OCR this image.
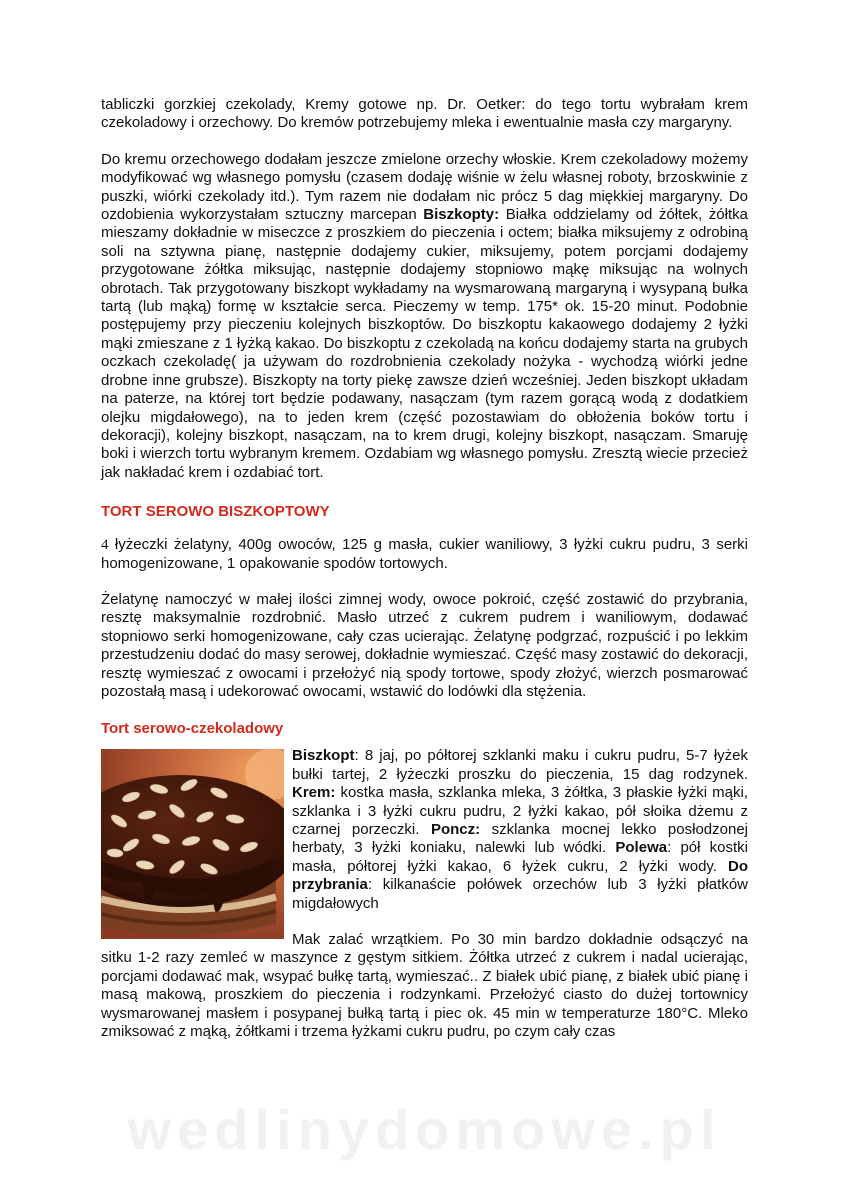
tabliczki gorzkiej czekolady, Kremy gotowe np. Dr. Oetker: do tego tortu wybrałam krem czekoladowy i orzechowy. Do kremów potrzebujemy mleka i ewentualnie masła czy margaryny.

Do kremu orzechowego dodałam jeszcze zmielone orzechy włoskie. Krem czekoladowy możemy modyfikować wg własnego pomysłu (czasem dodaję wiśnie w żelu własnej roboty, brzoskwinie z puszki, wiórki czekolady itd.). Tym razem nie dodałam nic prócz 5 dag miękkiej margaryny. Do ozdobienia wykorzystałam sztuczny marcepan Biszkopty: Białka oddzielamy od żółtek, żółtka mieszamy dokładnie w miseczce z proszkiem do pieczenia i octem; białka miksujemy z odrobiną soli na sztywna pianę, następnie dodajemy cukier, miksujemy, potem porcjami dodajemy przygotowane żółtka miksując, następnie dodajemy stopniowo mąkę miksując na wolnych obrotach. Tak przygotowany biszkopt wykładamy na wysmarowaną margaryną i wysypaną bułka tartą (lub mąką) formę w kształcie serca. Pieczemy w temp. 175* ok. 15-20 minut. Podobnie postępujemy przy pieczeniu kolejnych biszkoptów. Do biszkoptu kakaowego dodajemy 2 łyżki mąki zmieszane z 1 łyżką kakao. Do biszkoptu z czekoladą na końcu dodajemy starta na grubych oczkach czekoladę( ja używam do rozdrobnienia czekolady nożyka - wychodzą wiórki jedne drobne inne grubsze). Biszkopty na torty piekę zawsze dzień wcześniej. Jeden biszkopt układam na paterze, na której tort będzie podawany, nasączam (tym razem gorącą wodą z dodatkiem olejku migdałowego), na to jeden krem (część pozostawiam do obłożenia boków tortu i dekoracji), kolejny biszkopt, nasączam, na to krem drugi, kolejny biszkopt, nasączam. Smaruję boki i wierzch tortu wybranym kremem. Ozdabiam wg własnego pomysłu. Zresztą wiecie przecież jak nakładać krem i ozdabiać tort.

TORT SEROWO BISZKOPTOWY

4 łyżeczki żelatyny, 400g owoców, 125 g masła, cukier waniliowy, 3 łyżki cukru pudru, 3 serki homogenizowane, 1 opakowanie spodów tortowych.

Żelatynę namoczyć w małej ilości zimnej wody, owoce pokroić, część zostawić do przybrania, resztę maksymalnie rozdrobnić. Masło utrzeć z cukrem pudrem i waniliowym, dodawać stopniowo serki homogenizowane, cały czas ucierając. Żelatynę podgrzać, rozpuścić i po lekkim przestudzeniu dodać do masy serowej, dokładnie wymieszać. Część masy zostawić do dekoracji, resztę wymieszać z owocami i przełożyć nią spody tortowe, spody złożyć, wierzch posmarować pozostałą masą i udekorować owocami, wstawić do lodówki dla stężenia.

Tort serowo-czekoladowy

Biszkopt: 8 jaj, po półtorej szklanki maku i cukru pudru, 5-7 łyżek bułki tartej, 2 łyżeczki proszku do pieczenia, 15 dag rodzynek. Krem: kostka masła, szklanka mleka, 3 żółtka, 3 płaskie łyżki mąki, szklanka i 3 łyżki cukru pudru, 2 łyżki kakao, pół słoika dżemu z czarnej porzeczki. Poncz: szklanka mocnej lekko posłodzonej herbaty, 3 łyżki koniaku, nalewki lub wódki. Polewa: pół kostki masła, półtorej łyżki kakao, 6 łyżek cukru, 2 łyżki wody. Do przybrania: kilkanaście połówek orzechów lub 3 łyżki płatków migdałowych

Mak zalać wrzątkiem. Po 30 min bardzo dokładnie odsączyć na sitku 1-2 razy zemleć w maszynce z gęstym sitkiem. Żółtka utrzeć z cukrem i nadal ucierając, porcjami dodawać mak, wsypać bułkę tartą, wymieszać.. Z białek ubić pianę, z białek ubić pianę i masą makową, proszkiem do pieczenia i rodzynkami. Przełożyć ciasto do dużej tortownicy wysmarowanej masłem i posypanej bułką tartą i piec ok. 45 min w temperaturze 180°C. Mleko zmiksować z mąką, żółtkami i trzema łyżkami cukru pudru, po czym cały czas

wedlinydomowe.pl
